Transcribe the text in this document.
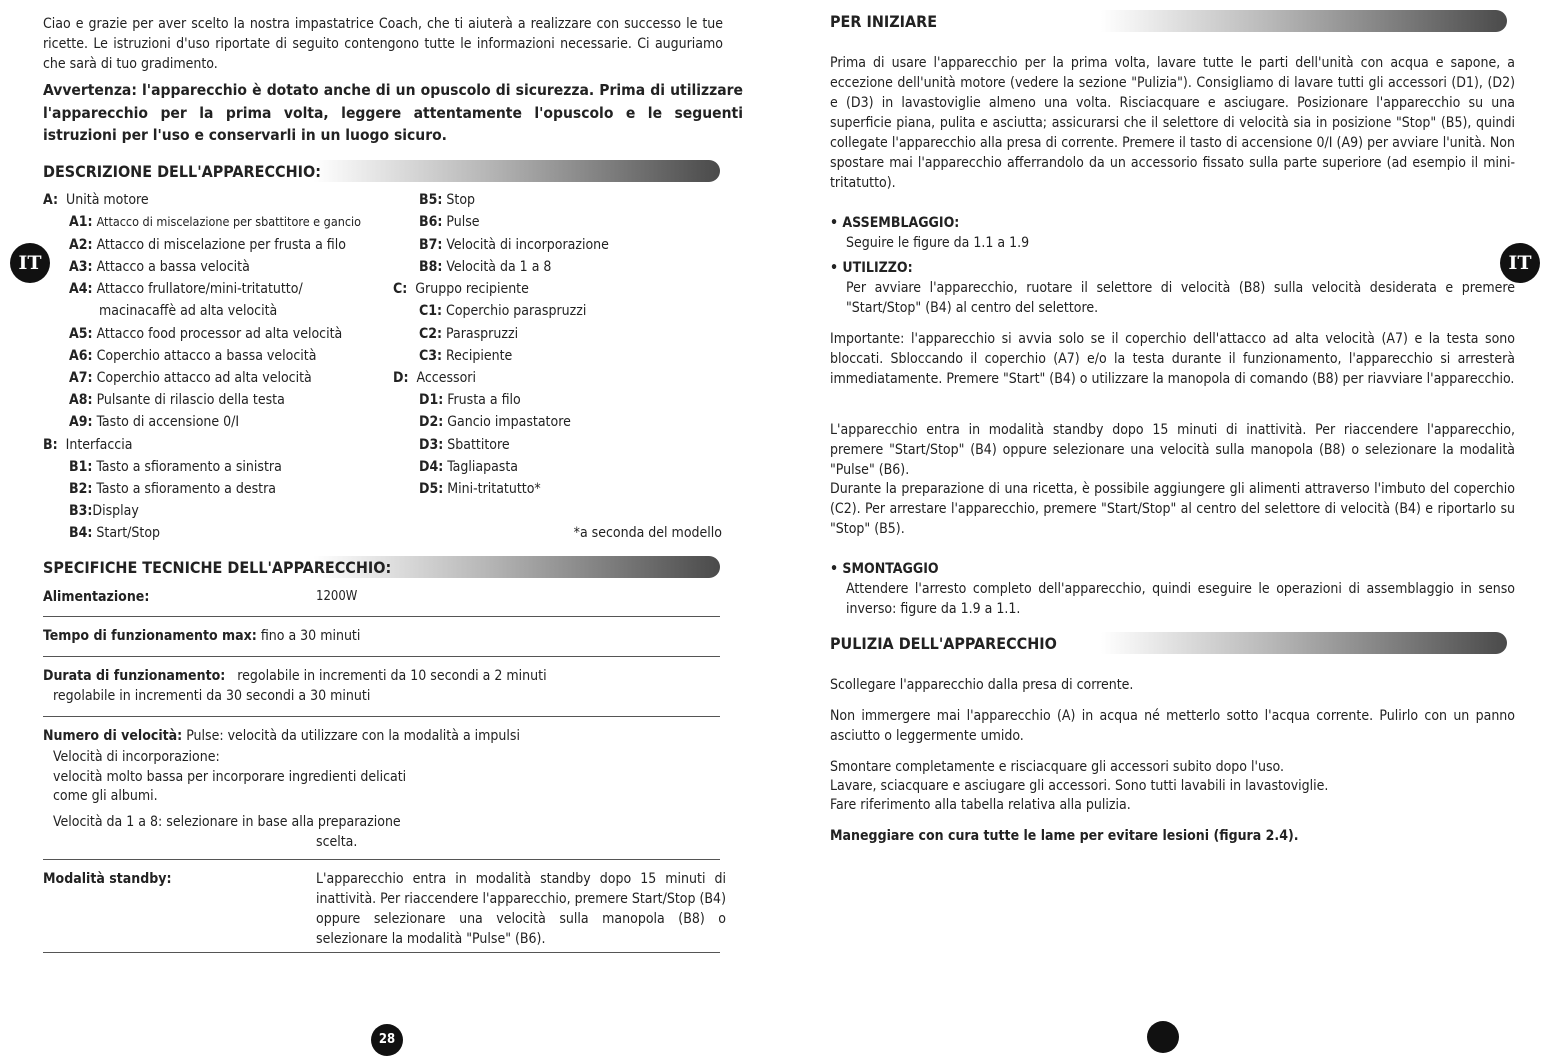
Ciao e grazie per aver scelto la nostra impastatrice Coach, che ti aiuterà a realizzare con successo le tue ricette. Le istruzioni d'uso riportate di seguito contengono tutte le informazioni necessarie. Ci auguriamo che sarà di tuo gradimento.

Avvertenza: l'apparecchio è dotato anche di un opuscolo di sicurezza. Prima di utilizzare l'apparecchio per la prima volta, leggere attentamente l'opuscolo e le seguenti istruzioni per l'uso e conservarli in un luogo sicuro.

DESCRIZIONE DELL'APPARECCHIO:
A: Unità motore
A1: Attacco di miscelazione per sbattitore e gancio
A2: Attacco di miscelazione per frusta a filo
A3: Attacco a bassa velocità
A4: Attacco frullatore/mini-tritatutto/
macinacaffè ad alta velocità
A5: Attacco food processor ad alta velocità
A6: Coperchio attacco a bassa velocità
A7: Coperchio attacco ad alta velocità
A8: Pulsante di rilascio della testa
A9: Tasto di accensione 0/I
B: Interfaccia
B1: Tasto a sfioramento a sinistra
B2: Tasto a sfioramento a destra
B3:Display
B4: Start/Stop
B5: Stop
B6: Pulse
B7: Velocità di incorporazione
B8: Velocità da 1 a 8
C: Gruppo recipiente
C1: Coperchio paraspruzzi
C2: Paraspruzzi
C3: Recipiente
D: Accessori
D1: Frusta a filo
D2: Gancio impastatore
D3: Sbattitore
D4: Tagliapasta
D5: Mini-tritatutto*
*a seconda del modello
SPECIFICHE TECNICHE DELL'APPARECCHIO:
Alimentazione:	1200W
Tempo di funzionamento max: fino a 30 minuti
Durata di funzionamento: regolabile in incrementi da 10 secondi a 2 minuti
regolabile in incrementi da 30 secondi a 30 minuti
Numero di velocità: Pulse: velocità da utilizzare con la modalità a impulsi
Velocità di incorporazione:
velocità molto bassa per incorporare ingredienti delicati
come gli albumi.
Velocità da 1 a 8: selezionare in base alla preparazione
scelta.
Modalità standby:	L'apparecchio entra in modalità standby dopo 15 minuti di inattività. Per riaccendere l'apparecchio, premere Start/Stop (B4) oppure selezionare una velocità sulla manopola (B8) o selezionare la modalità "Pulse" (B6).
IT
28
PER INIZIARE

Prima di usare l'apparecchio per la prima volta, lavare tutte le parti dell'unità con acqua e sapone, a eccezione dell'unità motore (vedere la sezione "Pulizia"). Consigliamo di lavare tutti gli accessori (D1), (D2) e (D3) in lavastoviglie almeno una volta. Risciacquare e asciugare. Posizionare l'apparecchio su una superficie piana, pulita e asciutta; assicurarsi che il selettore di velocità sia in posizione "Stop" (B5), quindi collegate l'apparecchio alla presa di corrente. Premere il tasto di accensione 0/I (A9) per avviare l'unità. Non spostare mai l'apparecchio afferrandolo da un accessorio fissato sulla parte superiore (ad esempio il mini-tritatutto).

• ASSEMBLAGGIO:
Seguire le figure da 1.1 a 1.9
• UTILIZZO:
Per avviare l'apparecchio, ruotare il selettore di velocità (B8) sulla velocità desiderata e premere "Start/Stop" (B4) al centro del selettore.

Importante: l'apparecchio si avvia solo se il coperchio dell'attacco ad alta velocità (A7) e la testa sono bloccati. Sbloccando il coperchio (A7) e/o la testa durante il funzionamento, l'apparecchio si arresterà immediatamente. Premere "Start" (B4) o utilizzare la manopola di comando (B8) per riavviare l'apparecchio.

L'apparecchio entra in modalità standby dopo 15 minuti di inattività. Per riaccendere l'apparecchio, premere "Start/Stop" (B4) oppure selezionare una velocità sulla manopola (B8) o selezionare la modalità "Pulse" (B6).

Durante la preparazione di una ricetta, è possibile aggiungere gli alimenti attraverso l'imbuto del coperchio (C2). Per arrestare l'apparecchio, premere "Start/Stop" al centro del selettore di velocità (B4) e riportarlo su "Stop" (B5).

• SMONTAGGIO
Attendere l'arresto completo dell'apparecchio, quindi eseguire le operazioni di assemblaggio in senso inverso: figure da 1.9 a 1.1.
PULIZIA DELL'APPARECCHIO

Scollegare l'apparecchio dalla presa di corrente.

Non immergere mai l'apparecchio (A) in acqua né metterlo sotto l'acqua corrente. Pulirlo con un panno asciutto o leggermente umido.

Smontare completamente e risciacquare gli accessori subito dopo l'uso.

Lavare, sciacquare e asciugare gli accessori. Sono tutti lavabili in lavastoviglie.

Fare riferimento alla tabella relativa alla pulizia.

Maneggiare con cura tutte le lame per evitare lesioni (figura 2.4).

IT
